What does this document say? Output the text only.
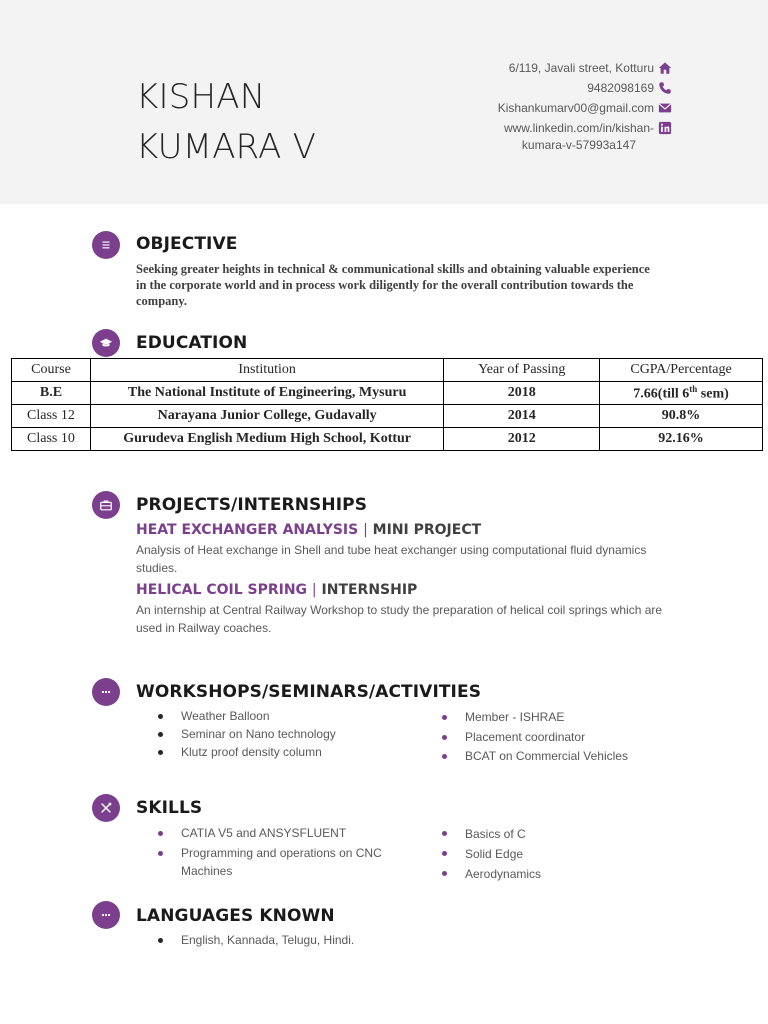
KISHAN
KUMARA V
6/119, Javali street, Kotturu
9482098169
Kishankumarv00@gmail.com
www.linkedin.com/in/kishan-
kumara-v-57993a147
OBJECTIVE
Seeking greater heights in technical & communicational skills and obtaining valuable experience in the corporate world and in process work diligently for the overall contribution towards the company.
EDUCATION
Course	Institution	Year of Passing	CGPA/Percentage
B.E	The National Institute of Engineering, Mysuru	2018	7.66(till 6th sem)
Class 12	Narayana Junior College, Gudavally	2014	90.8%
Class 10	Gurudeva English Medium High School, Kottur	2012	92.16%
PROJECTS/INTERNSHIPS
HEAT EXCHANGER ANALYSIS | MINI PROJECT
Analysis of Heat exchange in Shell and tube heat exchanger using computational fluid dynamics studies.
HELICAL COIL SPRING | INTERNSHIP
An internship at Central Railway Workshop to study the preparation of helical coil springs which are used in Railway coaches.
WORKSHOPS/SEMINARS/ACTIVITIES
Weather Balloon
Seminar on Nano technology
Klutz proof density column
Member - ISHRAE
Placement coordinator
BCAT on Commercial Vehicles
SKILLS
CATIA V5 and ANSYSFLUENT
Programming and operations on CNC Machines
Basics of C
Solid Edge
Aerodynamics
LANGUAGES KNOWN
English, Kannada, Telugu, Hindi.
